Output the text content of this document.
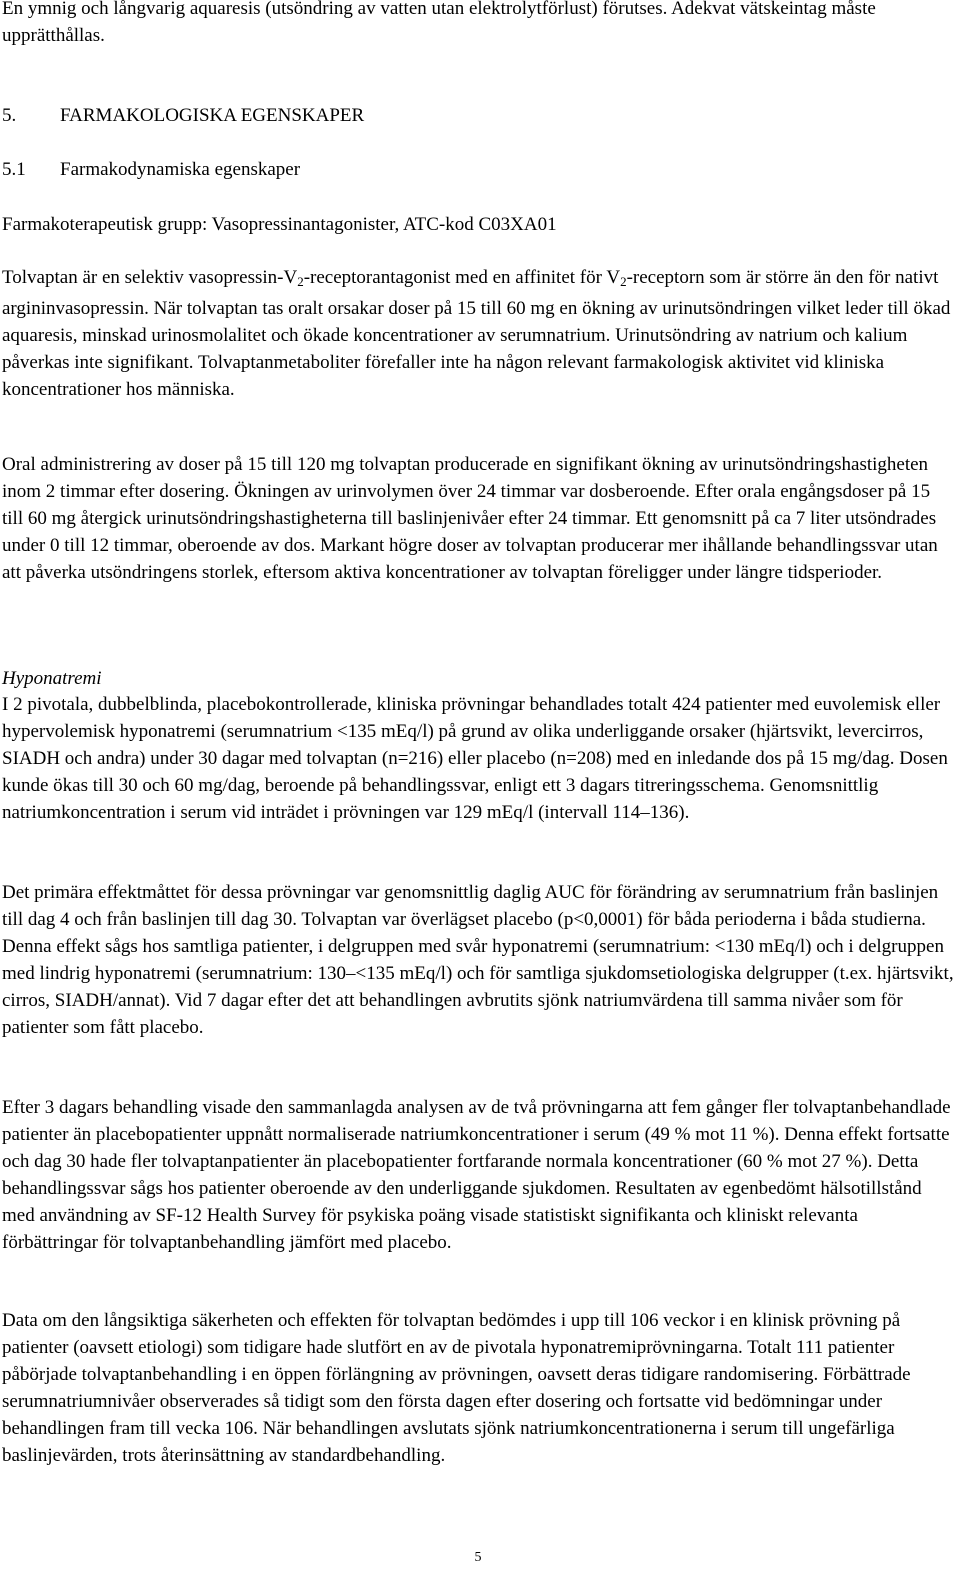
En ymnig och långvarig aquaresis (utsöndring av vatten utan elektrolytförlust) förutses. Adekvat vätskeintag måste upprätthållas.

5. FARMAKOLOGISKA EGENSKAPER

5.1 Farmakodynamiska egenskaper

Farmakoterapeutisk grupp: Vasopressinantagonister, ATC-kod C03XA01

Tolvaptan är en selektiv vasopressin-$V_2$-receptorantagonist med en affinitet för $V_2$-receptorn som är större än den för nativt argininvasopressin. När tolvaptan tas oralt orsakar doser på 15 till 60 mg en ökning av urinutsöndringen vilket leder till ökad aquaresis, minskad urinosmolalitet och ökade koncentrationer av serumnatrium. Urinutsöndring av natrium och kalium påverkas inte signifikant. Tolvaptanmetaboliter förefaller inte ha någon relevant farmakologisk aktivitet vid kliniska koncentrationer hos människa.

Oral administrering av doser på 15 till 120 mg tolvaptan producerade en signifikant ökning av urinutsöndringshastigheten inom 2 timmar efter dosering. Ökningen av urinvolymen över 24 timmar var dosberoende. Efter orala engångsdoser på 15 till 60 mg återgick urinutsöndringshastigheterna till baslinjenivåer efter 24 timmar. Ett genomsnitt på ca 7 liter utsöndrades under 0 till 12 timmar, oberoende av dos. Markant högre doser av tolvaptan producerar mer ihållande behandlingssvar utan att påverka utsöndringens storlek, eftersom aktiva koncentrationer av tolvaptan föreligger under längre tidsperioder.

Hyponatremi

I 2 pivotala, dubbelblinda, placebokontrollerade, kliniska prövningar behandlades totalt 424 patienter med euvolemisk eller hypervolemisk hyponatremi (serumnatrium <135 mEq/l) på grund av olika underliggande orsaker (hjärtsvikt, levercirros, SIADH och andra) under 30 dagar med tolvaptan (n=216) eller placebo (n=208) med en inledande dos på 15 mg/dag. Dosen kunde ökas till 30 och 60 mg/dag, beroende på behandlingssvar, enligt ett 3 dagars titreringsschema. Genomsnittlig natriumkoncentration i serum vid inträdet i prövningen var 129 mEq/l (intervall 114–136).

Det primära effektmåttet för dessa prövningar var genomsnittlig daglig AUC för förändring av serumnatrium från baslinjen till dag 4 och från baslinjen till dag 30. Tolvaptan var överlägset placebo (p<0,0001) för båda perioderna i båda studierna. Denna effekt sågs hos samtliga patienter, i delgruppen med svår hyponatremi (serumnatrium: <130 mEq/l) och i delgruppen med lindrig hyponatremi (serumnatrium: 130–<135 mEq/l) och för samtliga sjukdomsetiologiska delgrupper (t.ex. hjärtsvikt, cirros, SIADH/annat). Vid 7 dagar efter det att behandlingen avbrutits sjönk natriumvärdena till samma nivåer som för patienter som fått placebo.

Efter 3 dagars behandling visade den sammanlagda analysen av de två prövningarna att fem gånger fler tolvaptanbehandlade patienter än placebopatienter uppnått normaliserade natriumkoncentrationer i serum (49 % mot 11 %). Denna effekt fortsatte och dag 30 hade fler tolvaptanpatienter än placebopatienter fortfarande normala koncentrationer (60 % mot 27 %). Detta behandlingssvar sågs hos patienter oberoende av den underliggande sjukdomen. Resultaten av egenbedömt hälsotillstånd med användning av SF-12 Health Survey för psykiska poäng visade statistiskt signifikanta och kliniskt relevanta förbättringar för tolvaptanbehandling jämfört med placebo.

Data om den långsiktiga säkerheten och effekten för tolvaptan bedömdes i upp till 106 veckor i en klinisk prövning på patienter (oavsett etiologi) som tidigare hade slutfört en av de pivotala hyponatremiprövningarna. Totalt 111 patienter påbörjade tolvaptanbehandling i en öppen förlängning av prövningen, oavsett deras tidigare randomisering. Förbättrade serumnatriumnivåer observerades så tidigt som den första dagen efter dosering och fortsatte vid bedömningar under behandlingen fram till vecka 106. När behandlingen avslutats sjönk natriumkoncentrationerna i serum till ungefärliga baslinjevärden, trots återinsättning av standardbehandling.

5
